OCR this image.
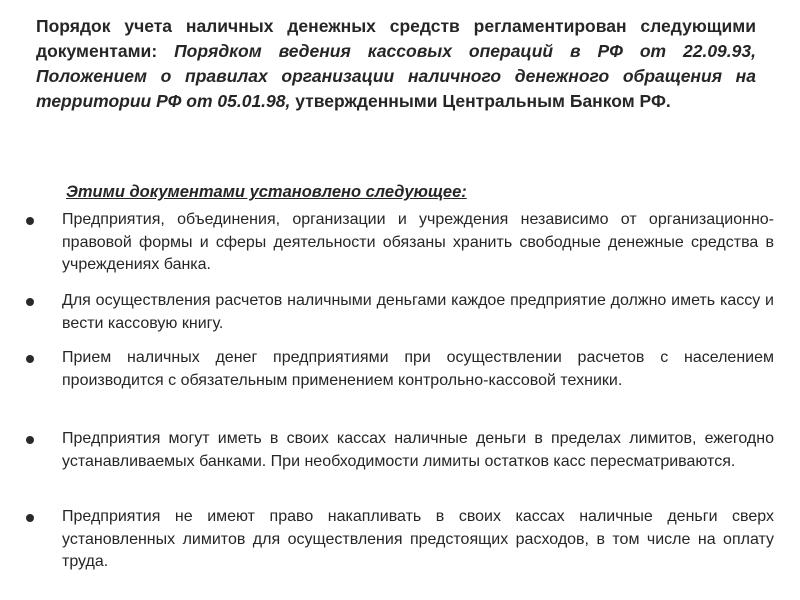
Порядок учета наличных денежных средств регламентирован следующими документами: Порядком ведения кассовых операций в РФ от 22.09.93, Положением о правилах организации наличного денежного обращения на территории РФ от 05.01.98, утвержденными Центральным Банком РФ.

Этими документами установлено следующее:
Предприятия, объединения, организации и учреждения независимо от организационно-правовой формы и сферы деятельности обязаны хранить свободные денежные средства в учреждениях банка.
Для осуществления расчетов наличными деньгами каждое предприятие должно иметь кассу и вести кассовую книгу.
Прием наличных денег предприятиями при осуществлении расчетов с населением производится с обязательным применением контрольно-кассовой техники.
Предприятия могут иметь в своих кассах наличные деньги в пределах лимитов, ежегодно устанавливаемых банками. При необходимости лимиты остатков касс пересматриваются.
Предприятия не имеют право накапливать в своих кассах наличные деньги сверх установленных лимитов для осуществления предстоящих расходов, в том числе на оплату труда.
